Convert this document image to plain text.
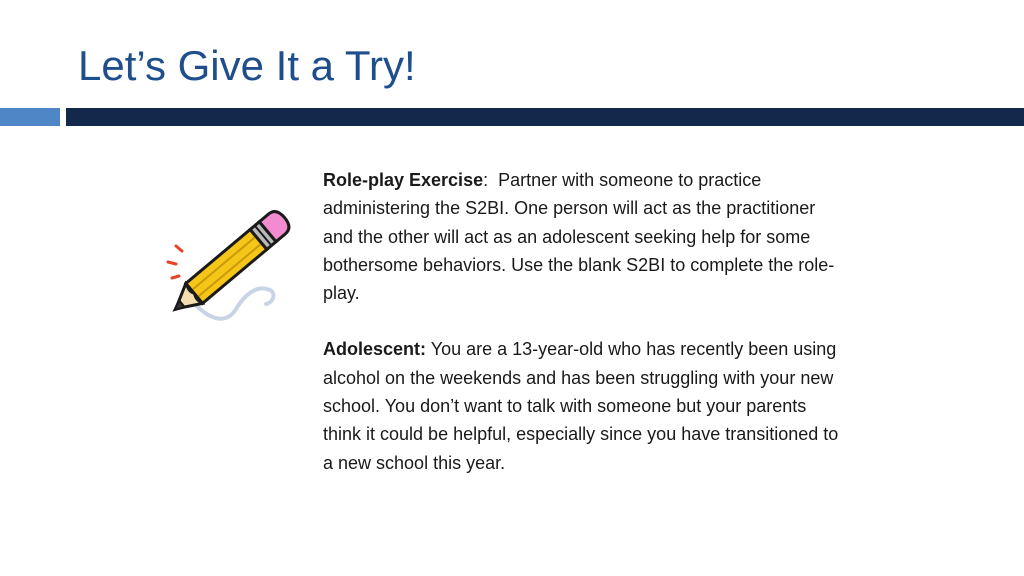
Let’s Give It a Try!

Role-play Exercise: Partner with someone to practice administering the S2BI. One person will act as the practitioner and the other will act as an adolescent seeking help for some bothersome behaviors. Use the blank S2BI to complete the role-play.

Adolescent: You are a 13-year-old who has recently been using alcohol on the weekends and has been struggling with your new school. You don’t want to talk with someone but your parents think it could be helpful, especially since you have transitioned to a new school this year.
